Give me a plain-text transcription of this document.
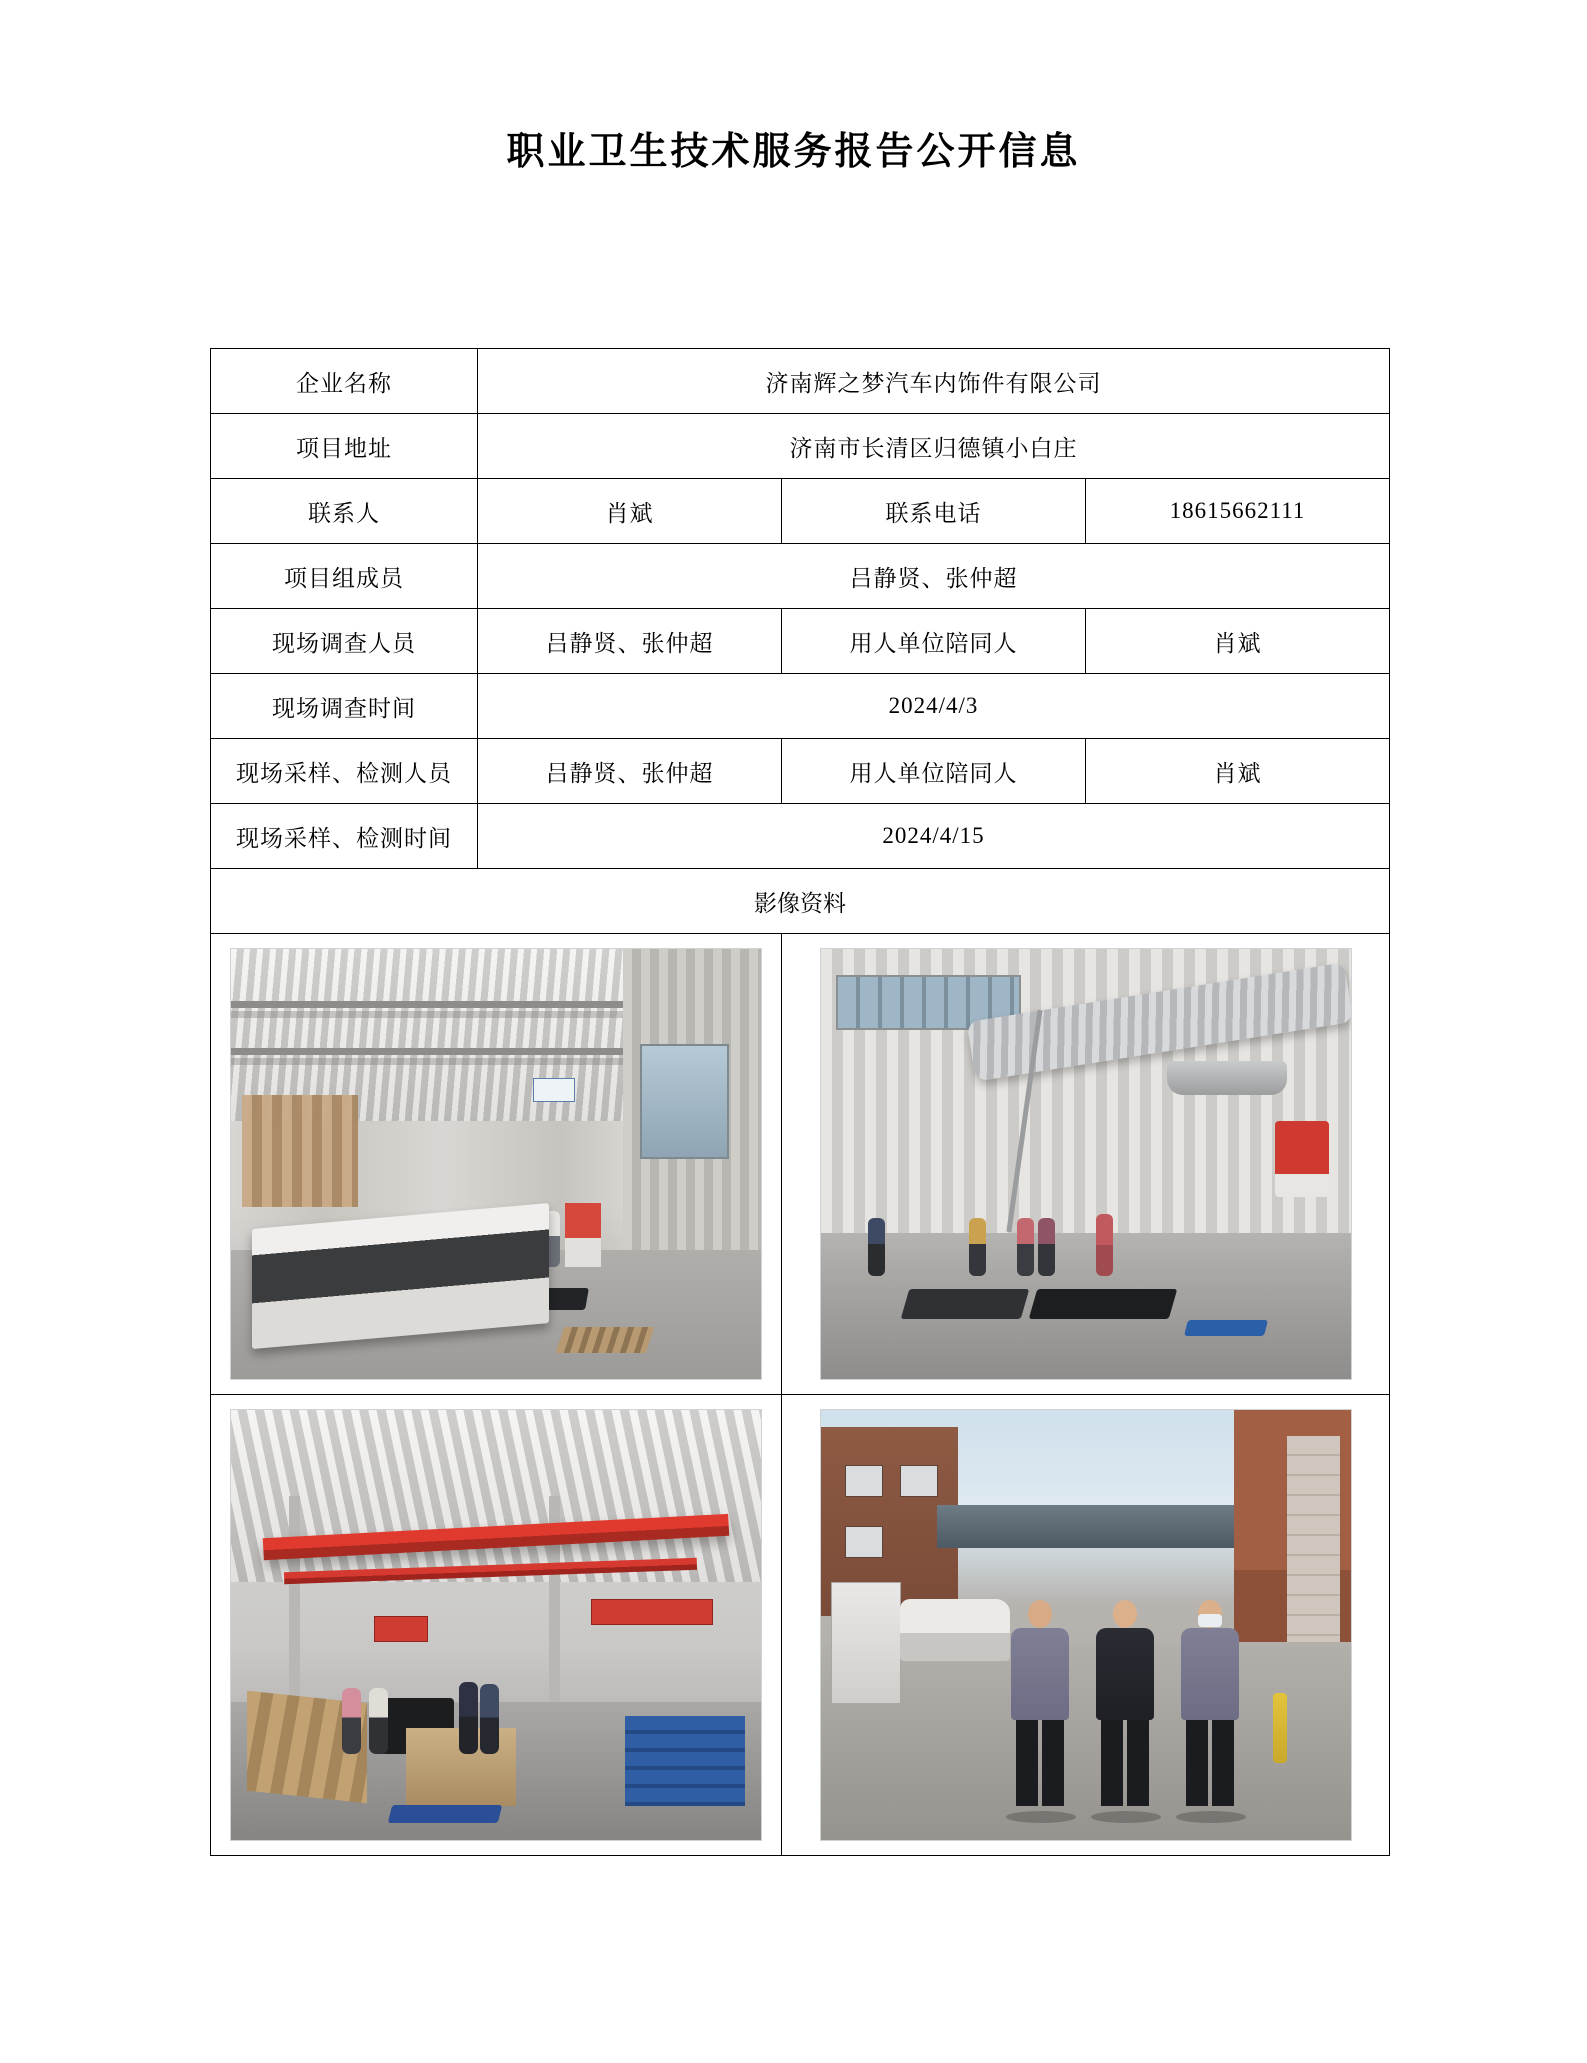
职业卫生技术服务报告公开信息
企业名称	济南辉之梦汽车内饰件有限公司		
项目地址	济南市长清区归德镇小白庄		
联系人	肖斌	联系电话	18615662111
项目组成员	吕静贤、张仲超		
现场调查人员	吕静贤、张仲超	用人单位陪同人	肖斌
现场调查时间	2024/4/3		
现场采样、检测人员	吕静贤、张仲超	用人单位陪同人	肖斌
现场采样、检测时间	2024/4/15		
影像资料			
